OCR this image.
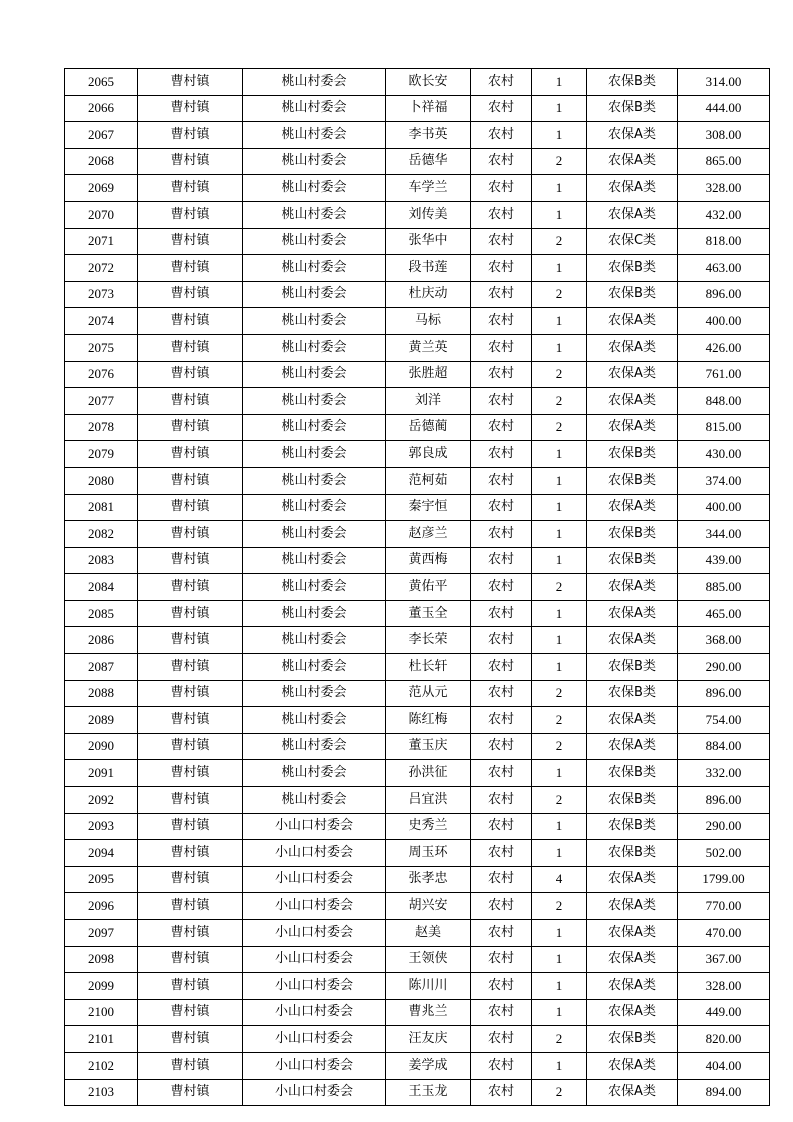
2065	曹村镇	桃山村委会	欧长安	农村	1	农保B类	314.00
2066	曹村镇	桃山村委会	卜祥福	农村	1	农保B类	444.00
2067	曹村镇	桃山村委会	李书英	农村	1	农保A类	308.00
2068	曹村镇	桃山村委会	岳德华	农村	2	农保A类	865.00
2069	曹村镇	桃山村委会	车学兰	农村	1	农保A类	328.00
2070	曹村镇	桃山村委会	刘传美	农村	1	农保A类	432.00
2071	曹村镇	桃山村委会	张华中	农村	2	农保C类	818.00
2072	曹村镇	桃山村委会	段书莲	农村	1	农保B类	463.00
2073	曹村镇	桃山村委会	杜庆动	农村	2	农保B类	896.00
2074	曹村镇	桃山村委会	马标	农村	1	农保A类	400.00
2075	曹村镇	桃山村委会	黄兰英	农村	1	农保A类	426.00
2076	曹村镇	桃山村委会	张胜超	农村	2	农保A类	761.00
2077	曹村镇	桃山村委会	刘洋	农村	2	农保A类	848.00
2078	曹村镇	桃山村委会	岳德蔺	农村	2	农保A类	815.00
2079	曹村镇	桃山村委会	郭良成	农村	1	农保B类	430.00
2080	曹村镇	桃山村委会	范柯茹	农村	1	农保B类	374.00
2081	曹村镇	桃山村委会	秦宇恒	农村	1	农保A类	400.00
2082	曹村镇	桃山村委会	赵彦兰	农村	1	农保B类	344.00
2083	曹村镇	桃山村委会	黄西梅	农村	1	农保B类	439.00
2084	曹村镇	桃山村委会	黄佑平	农村	2	农保A类	885.00
2085	曹村镇	桃山村委会	董玉全	农村	1	农保A类	465.00
2086	曹村镇	桃山村委会	李长荣	农村	1	农保A类	368.00
2087	曹村镇	桃山村委会	杜长轩	农村	1	农保B类	290.00
2088	曹村镇	桃山村委会	范从元	农村	2	农保B类	896.00
2089	曹村镇	桃山村委会	陈红梅	农村	2	农保A类	754.00
2090	曹村镇	桃山村委会	董玉庆	农村	2	农保A类	884.00
2091	曹村镇	桃山村委会	孙洪征	农村	1	农保B类	332.00
2092	曹村镇	桃山村委会	吕宜洪	农村	2	农保B类	896.00
2093	曹村镇	小山口村委会	史秀兰	农村	1	农保B类	290.00
2094	曹村镇	小山口村委会	周玉环	农村	1	农保B类	502.00
2095	曹村镇	小山口村委会	张孝忠	农村	4	农保A类	1799.00
2096	曹村镇	小山口村委会	胡兴安	农村	2	农保A类	770.00
2097	曹村镇	小山口村委会	赵美	农村	1	农保A类	470.00
2098	曹村镇	小山口村委会	王领侠	农村	1	农保A类	367.00
2099	曹村镇	小山口村委会	陈川川	农村	1	农保A类	328.00
2100	曹村镇	小山口村委会	曹兆兰	农村	1	农保A类	449.00
2101	曹村镇	小山口村委会	汪友庆	农村	2	农保B类	820.00
2102	曹村镇	小山口村委会	姜学成	农村	1	农保A类	404.00
2103	曹村镇	小山口村委会	王玉龙	农村	2	农保A类	894.00
